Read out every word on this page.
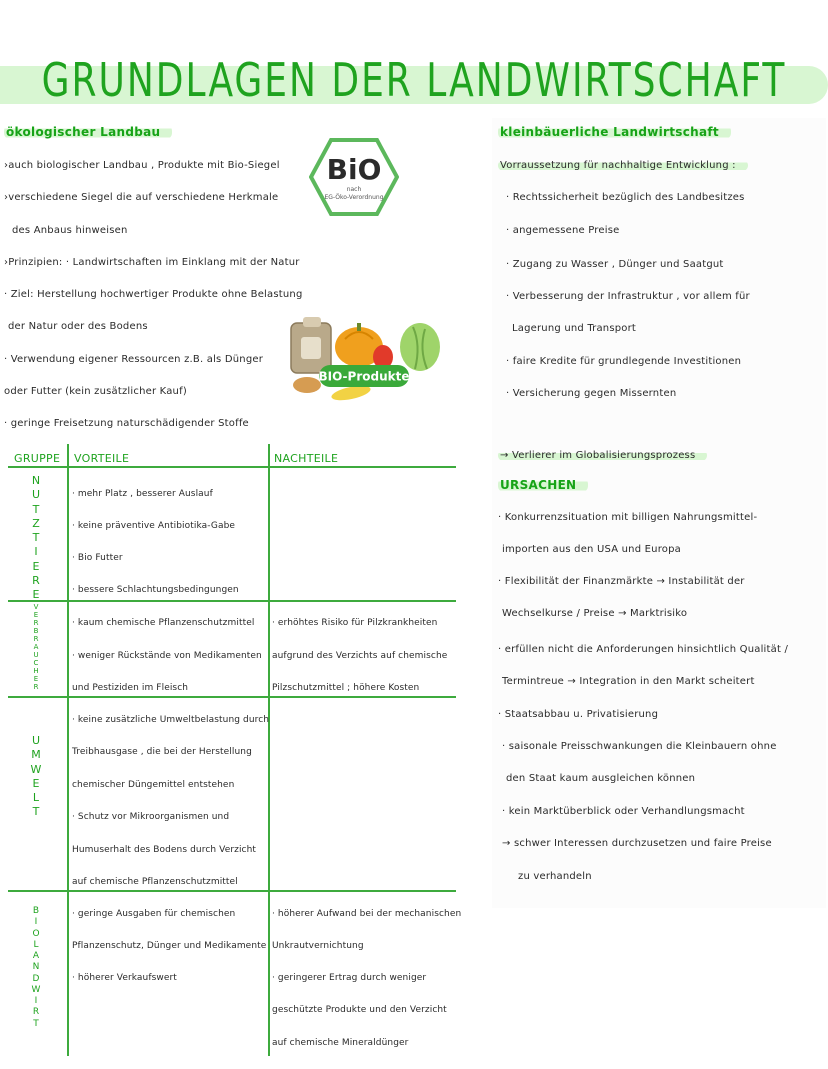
GRUNDLAGEN DER LANDWIRTSCHAFT
ökologischer Landbau
›auch biologischer Landbau , Produkte mit Bio-Siegel
›verschiedene Siegel die auf verschiedene Herkmale
des Anbaus hinweisen
›Prinzipien: · Landwirtschaften im Einklang mit der Natur
· Ziel: Herstellung hochwertiger Produkte ohne Belastung
der Natur oder des Bodens
· Verwendung eigener Ressourcen z.B. als Dünger
oder Futter (kein zusätzlicher Kauf)
· geringe Freisetzung naturschädigender Stoffe
BiO
nach
EG-Öko-Verordnung
BIO-Produkte
GRUPPE VORTEILE	NACHTEILE
N
U
T
Z
T
I
E
R
E
· mehr Platz , besserer Auslauf
· keine präventive Antibiotika-Gabe
· Bio Futter
· bessere Schlachtungsbedingungen
V
E
R
B
R
A
U
C
H
E
R
· kaum chemische Pflanzenschutzmittel
· weniger Rückstände von Medikamenten
und Pestiziden im Fleisch
· erhöhtes Risiko für Pilzkrankheiten
aufgrund des Verzichts auf chemische
Pilzschutzmittel ; höhere Kosten
U
M
W
E
L
T
· keine zusätzliche Umweltbelastung durch
Treibhausgase , die bei der Herstellung
chemischer Düngemittel entstehen
· Schutz vor Mikroorganismen und
Humuserhalt des Bodens durch Verzicht
auf chemische Pflanzenschutzmittel
B
I
O
L
A
N
D
W
I
R
T
· geringe Ausgaben für chemischen
Pflanzenschutz, Dünger und Medikamente
· höherer Verkaufswert
· höherer Aufwand bei der mechanischen
Unkrautvernichtung
· geringerer Ertrag durch weniger
geschützte Produkte und den Verzicht
auf chemische Mineraldünger
kleinbäuerliche Landwirtschaft
Vorraussetzung für nachhaltige Entwicklung :
· Rechtssicherheit bezüglich des Landbesitzes
· angemessene Preise
· Zugang zu Wasser , Dünger und Saatgut
· Verbesserung der Infrastruktur , vor allem für
Lagerung und Transport
· faire Kredite für grundlegende Investitionen
· Versicherung gegen Missernten
→ Verlierer im Globalisierungsprozess
URSACHEN
· Konkurrenzsituation mit billigen Nahrungsmittel-
importen aus den USA und Europa
· Flexibilität der Finanzmärkte → Instabilität der
Wechselkurse / Preise → Marktrisiko
· erfüllen nicht die Anforderungen hinsichtlich Qualität /
Termintreue → Integration in den Markt scheitert
· Staatsabbau u. Privatisierung
· saisonale Preisschwankungen die Kleinbauern ohne
den Staat kaum ausgleichen können
· kein Marktüberblick oder Verhandlungsmacht
→ schwer Interessen durchzusetzen und faire Preise
zu verhandeln
